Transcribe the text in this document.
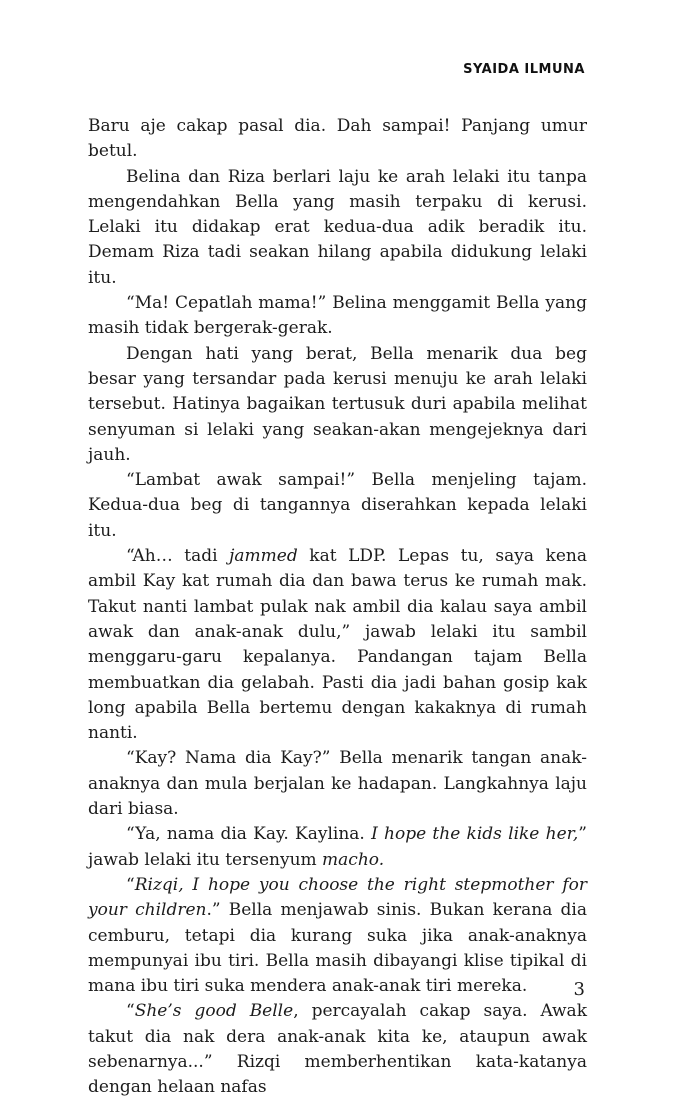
SYAIDA ILMUNA

Baru aje cakap pasal dia. Dah sampai! Panjang umur betul.

Belina dan Riza berlari laju ke arah lelaki itu tanpa mengendahkan Bella yang masih terpaku di kerusi. Lelaki itu didakap erat kedua-dua adik beradik itu. Demam Riza tadi seakan hilang apabila didukung lelaki itu.

“Ma! Cepatlah mama!” Belina menggamit Bella yang masih tidak bergerak-gerak.

Dengan hati yang berat, Bella menarik dua beg besar yang tersandar pada kerusi menuju ke arah lelaki tersebut. Hatinya bagaikan tertusuk duri apabila melihat senyuman si lelaki yang seakan-akan mengejeknya dari jauh.

“Lambat awak sampai!” Bella menjeling tajam. Kedua-dua beg di tangannya diserahkan kepada lelaki itu.

“Ah… tadi jammed kat LDP. Lepas tu, saya kena ambil Kay kat rumah dia dan bawa terus ke rumah mak. Takut nanti lambat pulak nak ambil dia kalau saya ambil awak dan anak-anak dulu,” jawab lelaki itu sambil menggaru-garu kepalanya. Pandangan tajam Bella membuatkan dia gelabah. Pasti dia jadi bahan gosip kak long apabila Bella bertemu dengan kakaknya di rumah nanti.

“Kay? Nama dia Kay?” Bella menarik tangan anak-anaknya dan mula berjalan ke hadapan. Langkahnya laju dari biasa.

“Ya, nama dia Kay. Kaylina. I hope the kids like her,” jawab lelaki itu tersenyum macho.

“Rizqi, I hope you choose the right stepmother for your children.” Bella menjawab sinis. Bukan kerana dia cemburu, tetapi dia kurang suka jika anak-anaknya mempunyai ibu tiri. Bella masih dibayangi klise tipikal di mana ibu tiri suka mendera anak-anak tiri mereka.

“She’s good Belle, percayalah cakap saya. Awak takut dia nak dera anak-anak kita ke, ataupun awak sebenarnya...” Rizqi memberhentikan kata-katanya dengan helaan nafas

3
